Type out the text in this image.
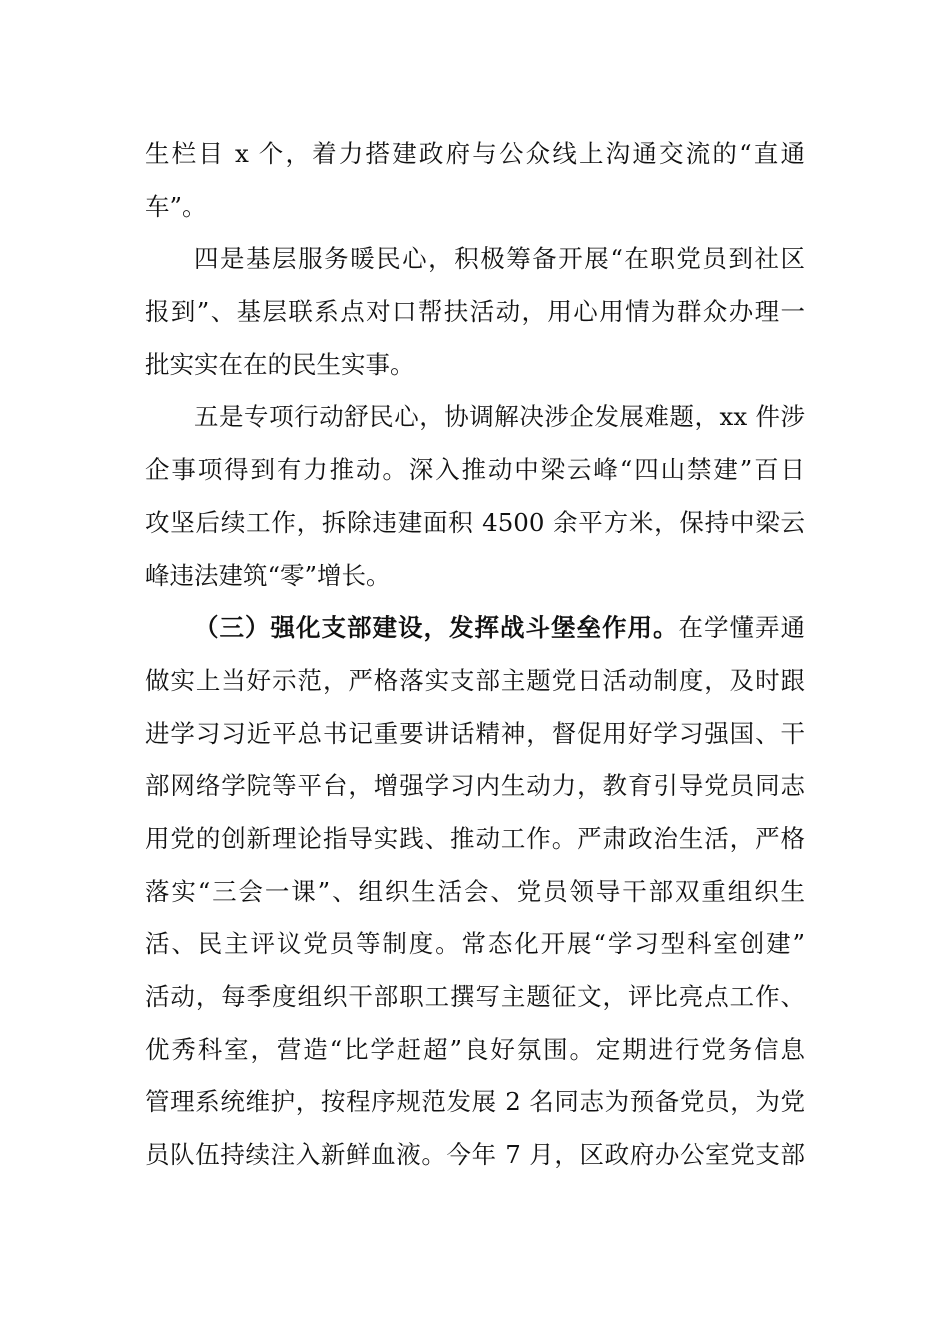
生栏目 x 个，着力搭建政府与公众线上沟通交流的“直通
车”。
四是基层服务暖民心，积极筹备开展“在职党员到社区
报到”、基层联系点对口帮扶活动，用心用情为群众办理一
批实实在在的民生实事。
五是专项行动舒民心，协调解决涉企发展难题，xx 件涉
企事项得到有力推动。深入推动中梁云峰“四山禁建”百日
攻坚后续工作，拆除违建面积 4500 余平方米，保持中梁云
峰违法建筑“零”增长。
（三）强化支部建设，发挥战斗堡垒作用。在学懂弄通
做实上当好示范，严格落实支部主题党日活动制度，及时跟
进学习习近平总书记重要讲话精神，督促用好学习强国、干
部网络学院等平台，增强学习内生动力，教育引导党员同志
用党的创新理论指导实践、推动工作。严肃政治生活，严格
落实“三会一课”、组织生活会、党员领导干部双重组织生
活、民主评议党员等制度。常态化开展“学习型科室创建”
活动，每季度组织干部职工撰写主题征文，评比亮点工作、
优秀科室，营造“比学赶超”良好氛围。定期进行党务信息
管理系统维护，按程序规范发展 2 名同志为预备党员，为党
员队伍持续注入新鲜血液。今年 7 月，区政府办公室党支部
